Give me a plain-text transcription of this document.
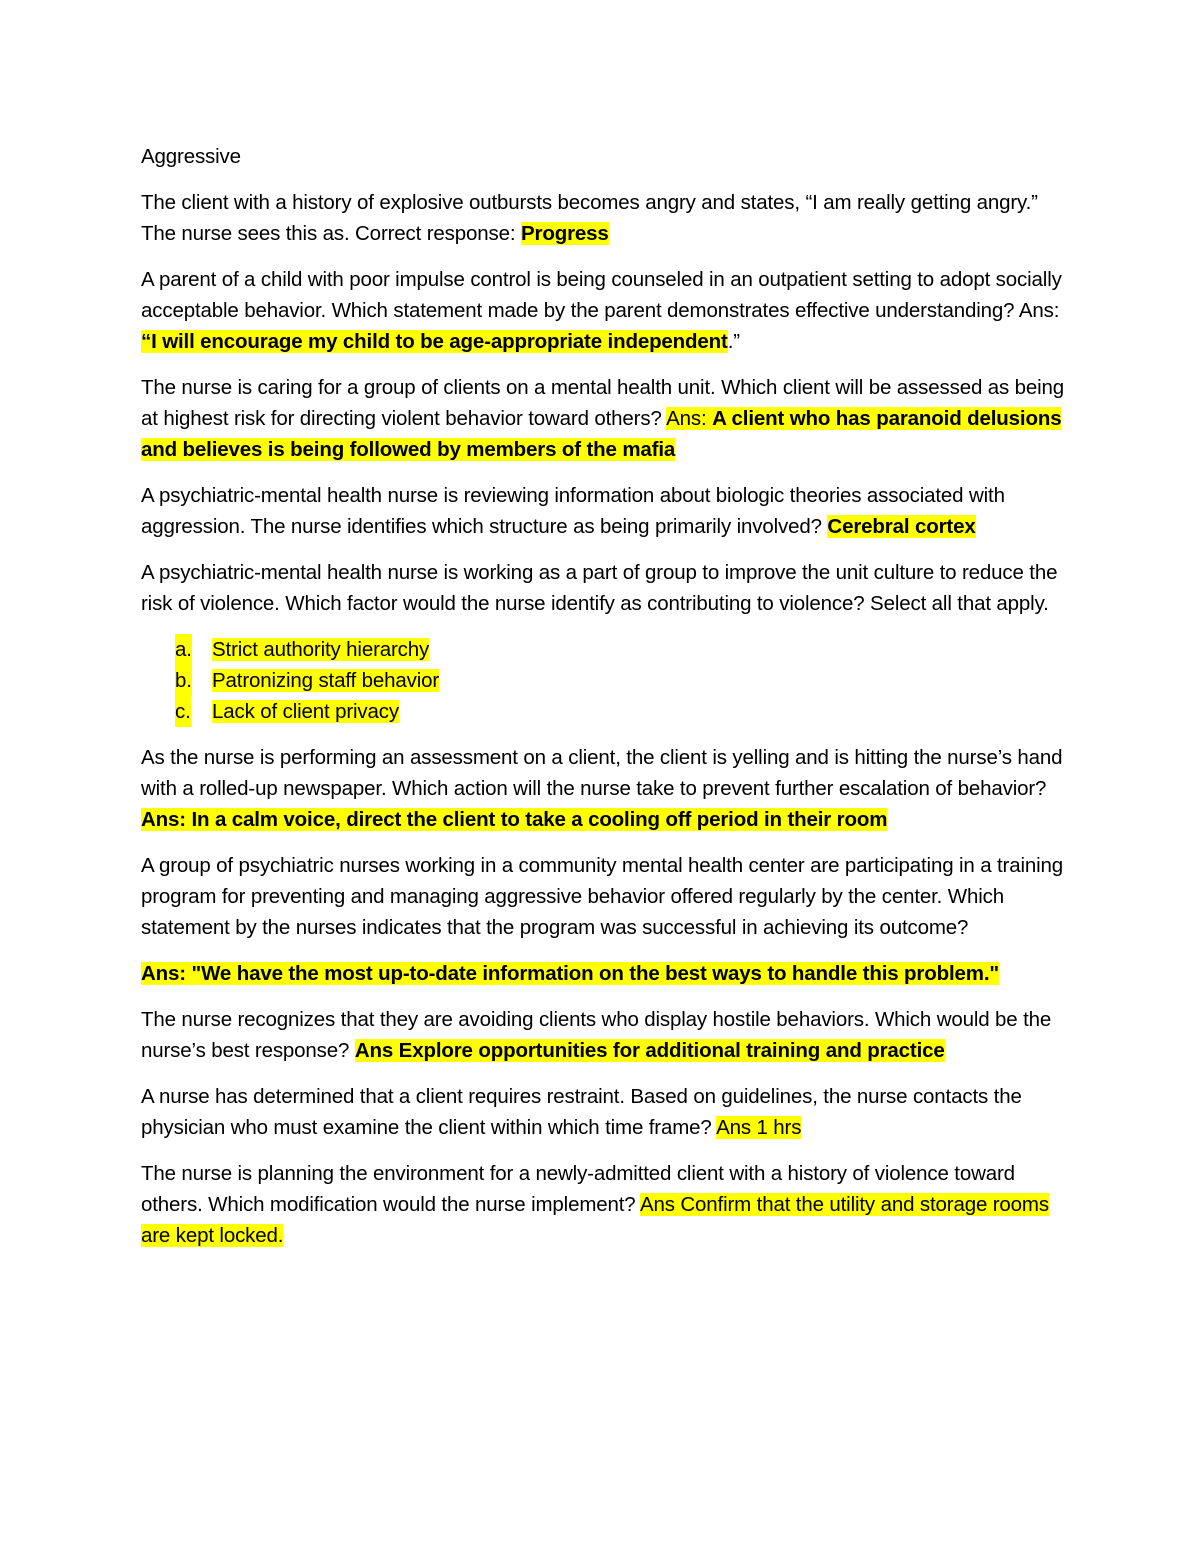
Aggressive

The client with a history of explosive outbursts becomes angry and states, “I am really getting angry.” The nurse sees this as. Correct response: Progress

A parent of a child with poor impulse control is being counseled in an outpatient setting to adopt socially acceptable behavior. Which statement made by the parent demonstrates effective understanding? Ans: “I will encourage my child to be age-appropriate independent.”

The nurse is caring for a group of clients on a mental health unit. Which client will be assessed as being at highest risk for directing violent behavior toward others? Ans: A client who has paranoid delusions and believes is being followed by members of the mafia

A psychiatric-mental health nurse is reviewing information about biologic theories associated with aggression. The nurse identifies which structure as being primarily involved? Cerebral cortex

A psychiatric-mental health nurse is working as a part of group to improve the unit culture to reduce the risk of violence. Which factor would the nurse identify as contributing to violence? Select all that apply.

a. Strict authority hierarchy
b. Patronizing staff behavior
c. Lack of client privacy

As the nurse is performing an assessment on a client, the client is yelling and is hitting the nurse’s hand with a rolled-up newspaper. Which action will the nurse take to prevent further escalation of behavior? Ans: In a calm voice, direct the client to take a cooling off period in their room

A group of psychiatric nurses working in a community mental health center are participating in a training program for preventing and managing aggressive behavior offered regularly by the center. Which statement by the nurses indicates that the program was successful in achieving its outcome?

Ans: "We have the most up-to-date information on the best ways to handle this problem."

The nurse recognizes that they are avoiding clients who display hostile behaviors. Which would be the nurse’s best response? Ans Explore opportunities for additional training and practice

A nurse has determined that a client requires restraint. Based on guidelines, the nurse contacts the physician who must examine the client within which time frame? Ans 1 hrs

The nurse is planning the environment for a newly-admitted client with a history of violence toward others. Which modification would the nurse implement? Ans Confirm that the utility and storage rooms are kept locked.
